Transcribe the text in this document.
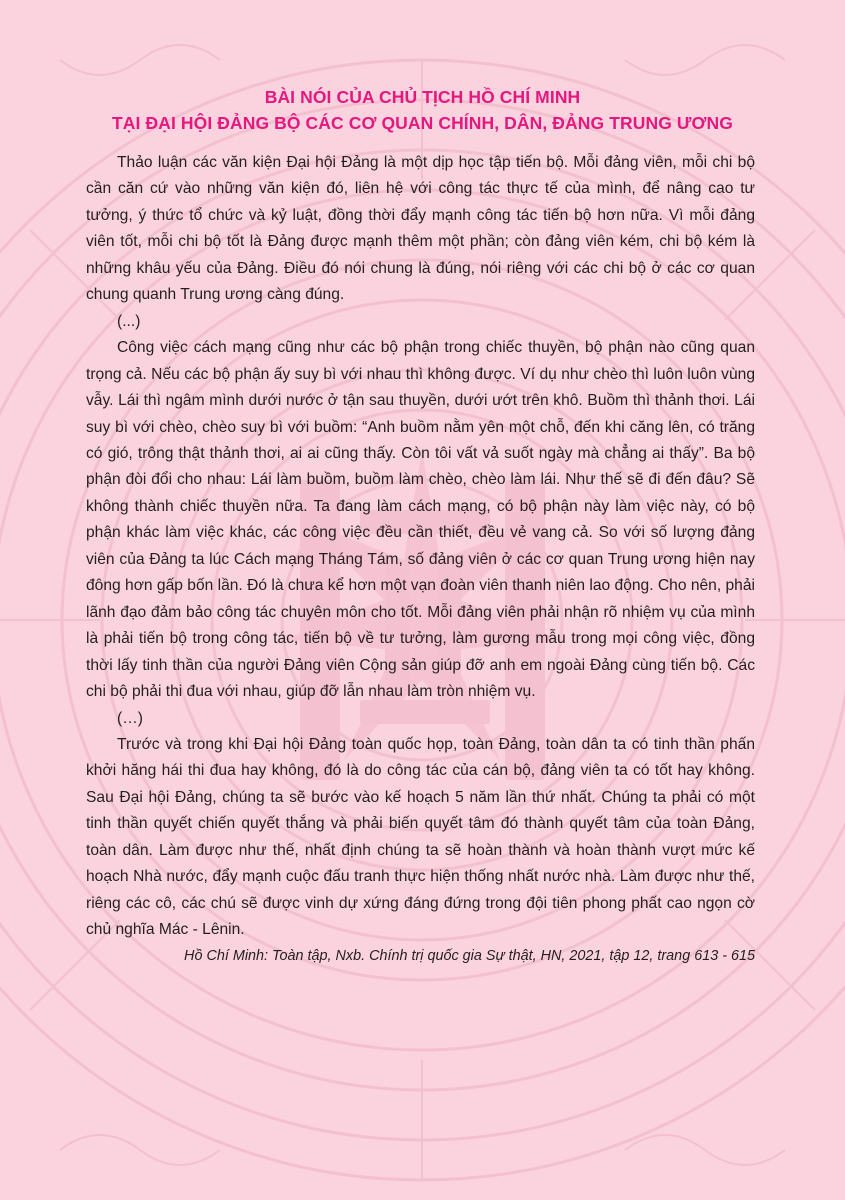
BÀI NÓI CỦA CHỦ TỊCH HỒ CHÍ MINH
TẠI ĐẠI HỘI ĐẢNG BỘ CÁC CƠ QUAN CHÍNH, DÂN, ĐẢNG TRUNG ƯƠNG

Thảo luận các văn kiện Đại hội Đảng là một dịp học tập tiến bộ. Mỗi đảng viên, mỗi chi bộ cần căn cứ vào những văn kiện đó, liên hệ với công tác thực tế của mình, để nâng cao tư tưởng, ý thức tổ chức và kỷ luật, đồng thời đẩy mạnh công tác tiến bộ hơn nữa. Vì mỗi đảng viên tốt, mỗi chi bộ tốt là Đảng được mạnh thêm một phần; còn đảng viên kém, chi bộ kém là những khâu yếu của Đảng. Điều đó nói chung là đúng, nói riêng với các chi bộ ở các cơ quan chung quanh Trung ương càng đúng.

(...)

Công việc cách mạng cũng như các bộ phận trong chiếc thuyền, bộ phận nào cũng quan trọng cả. Nếu các bộ phận ấy suy bì với nhau thì không được. Ví dụ như chèo thì luôn luôn vùng vẫy. Lái thì ngâm mình dưới nước ở tận sau thuyền, dưới ướt trên khô. Buồm thì thảnh thơi. Lái suy bì với chèo, chèo suy bì với buồm: “Anh buồm nằm yên một chỗ, đến khi căng lên, có trăng có gió, trông thật thảnh thơi, ai ai cũng thấy. Còn tôi vất vả suốt ngày mà chẳng ai thấy”. Ba bộ phận đòi đổi cho nhau: Lái làm buồm, buồm làm chèo, chèo làm lái. Như thế sẽ đi đến đâu? Sẽ không thành chiếc thuyền nữa. Ta đang làm cách mạng, có bộ phận này làm việc này, có bộ phận khác làm việc khác, các công việc đều cần thiết, đều vẻ vang cả. So với số lượng đảng viên của Đảng ta lúc Cách mạng Tháng Tám, số đảng viên ở các cơ quan Trung ương hiện nay đông hơn gấp bốn lần. Đó là chưa kể hơn một vạn đoàn viên thanh niên lao động. Cho nên, phải lãnh đạo đảm bảo công tác chuyên môn cho tốt. Mỗi đảng viên phải nhận rõ nhiệm vụ của mình là phải tiến bộ trong công tác, tiến bộ về tư tưởng, làm gương mẫu trong mọi công việc, đồng thời lấy tinh thần của người Đảng viên Cộng sản giúp đỡ anh em ngoài Đảng cùng tiến bộ. Các chi bộ phải thi đua với nhau, giúp đỡ lẫn nhau làm tròn nhiệm vụ.

(…)

Trước và trong khi Đại hội Đảng toàn quốc họp, toàn Đảng, toàn dân ta có tinh thần phấn khởi hăng hái thi đua hay không, đó là do công tác của cán bộ, đảng viên ta có tốt hay không. Sau Đại hội Đảng, chúng ta sẽ bước vào kế hoạch 5 năm lần thứ nhất. Chúng ta phải có một tinh thần quyết chiến quyết thắng và phải biến quyết tâm đó thành quyết tâm của toàn Đảng, toàn dân. Làm được như thế, nhất định chúng ta sẽ hoàn thành và hoàn thành vượt mức kế hoạch Nhà nước, đẩy mạnh cuộc đấu tranh thực hiện thống nhất nước nhà. Làm được như thế, riêng các cô, các chú sẽ được vinh dự xứng đáng đứng trong đội tiên phong phất cao ngọn cờ chủ nghĩa Mác - Lênin.

Hồ Chí Minh: Toàn tập, Nxb. Chính trị quốc gia Sự thật, HN, 2021, tập 12, trang 613 - 615
